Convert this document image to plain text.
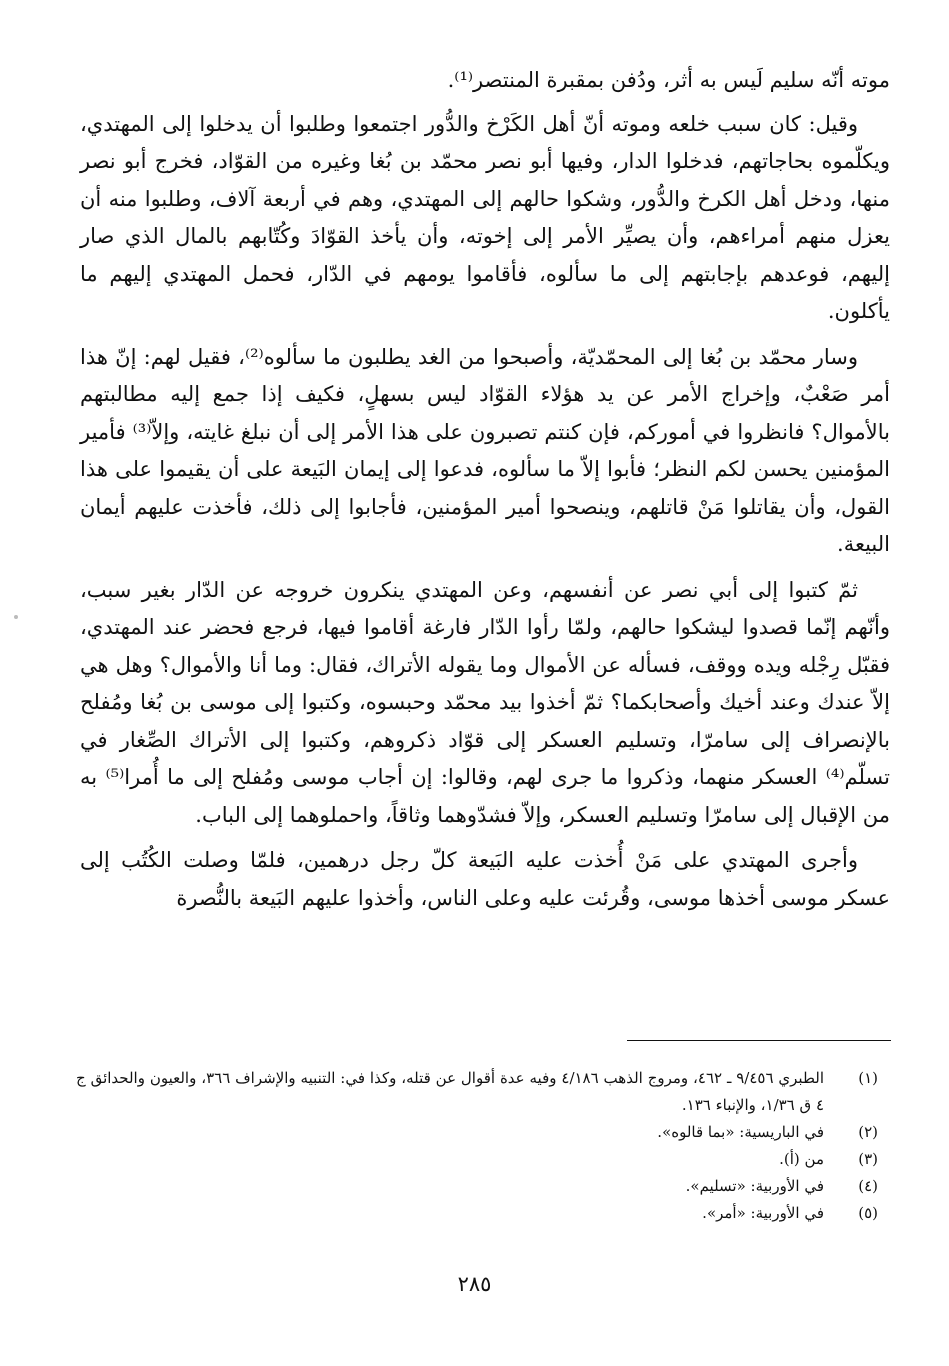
موته أنّه سليم لَيس به أثر، ودُفن بمقبرة المنتصر⁽¹⁾.

وقيل: كان سبب خلعه وموته أنّ أهل الكَرْخ والدُّور اجتمعوا وطلبوا أن يدخلوا إلى المهتدي، ويكلّموه بحاجاتهم، فدخلوا الدار، وفيها أبو نصر محمّد بن بُغا وغيره من القوّاد، فخرج أبو نصر منها، ودخل أهل الكرخ والدُّور، وشكوا حالهم إلى المهتدي، وهم في أربعة آلاف، وطلبوا منه أن يعزل منهم أمراءهم، وأن يصيِّر الأمر إلى إخوته، وأن يأخذ القوّادَ وكُتّابهم بالمال الذي صار إليهم، فوعدهم بإجابتهم إلى ما سألوه، فأقاموا يومهم في الدّار، فحمل المهتدي إليهم ما يأكلون.

وسار محمّد بن بُغا إلى المحمّديّة، وأصبحوا من الغد يطلبون ما سألوه⁽²⁾، فقيل لهم: إنّ هذا أمر صَعْبٌ، وإخراج الأمر عن يد هؤلاء القوّاد ليس بسهلٍ، فكيف إذا جمع إليه مطالبتهم بالأموال؟ فانظروا في أموركم، فإن كنتم تصبرون على هذا الأمر إلى أن نبلغ غايته، وإلاّ⁽³⁾ فأمير المؤمنين يحسن لكم النظر؛ فأبوا إلاّ ما سألوه، فدعوا إلى إيمان البَيعة على أن يقيموا على هذا القول، وأن يقاتلوا مَنْ قاتلهم، وينصحوا أمير المؤمنين، فأجابوا إلى ذلك، فأخذت عليهم أيمان البيعة.

ثمّ كتبوا إلى أبي نصر عن أنفسهم، وعن المهتدي ينكرون خروجه عن الدّار بغير سبب، وأنّهم إنّما قصدوا ليشكوا حالهم، ولمّا رأوا الدّار فارغة أقاموا فيها، فرجع فحضر عند المهتدي، فقبّل رِجْله ويده ووقف، فسأله عن الأموال وما يقوله الأتراك، فقال: وما أنا والأموال؟ وهل هي إلاّ عندك وعند أخيك وأصحابكما؟ ثمّ أخذوا بيد محمّد وحبسوه، وكتبوا إلى موسى بن بُغا ومُفلح بالإنصراف إلى سامرّا، وتسليم العسكر إلى قوّاد ذكروهم، وكتبوا إلى الأتراك الصِّغار في تسلّم⁽⁴⁾ العسكر منهما، وذكروا ما جرى لهم، وقالوا: إن أجاب موسى ومُفلح إلى ما أُمرا⁽⁵⁾ به من الإقبال إلى سامرّا وتسليم العسكر، وإلاّ فشدّوهما وثاقاً، واحملوهما إلى الباب.

وأجرى المهتدي على مَنْ أُخذت عليه البَيعة كلّ رجل درهمين، فلمّا وصلت الكُتُب إلى عسكر موسى أخذها موسى، وقُرئت عليه وعلى الناس، وأخذوا عليهم البَيعة بالنُّصرة

(١)
الطبري ٩/٤٥٦ ـ ٤٦٢، ومروج الذهب ٤/١٨٦ وفيه عدة أقوال عن قتله، وكذا في: التنبيه والإشراف ٣٦٦، والعيون والحدائق ج ٤ ق ١/٣٦، والإنباء ١٣٦.
(٢)
في الباريسية: «بما قالوه».
(٣)
من (أ).
(٤)
في الأوربية: «تسليم».
(٥)
في الأوربية: «أمر».
٢٨٥
